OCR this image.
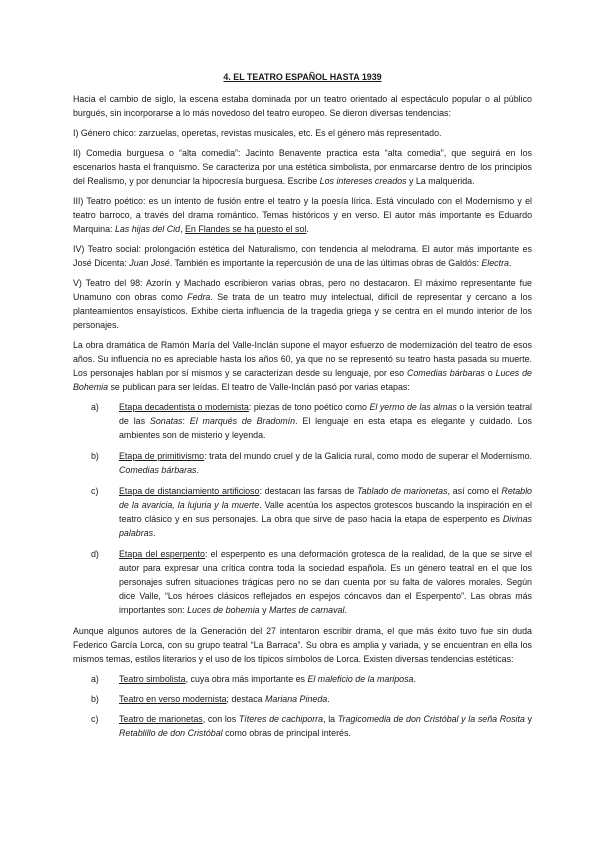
4. EL TEATRO ESPAÑOL HASTA 1939

Hacia el cambio de siglo, la escena estaba dominada por un teatro orientado al espectáculo popular o al público burgués, sin incorporarse a lo más novedoso del teatro europeo. Se dieron diversas tendencias:

I) Género chico: zarzuelas, operetas, revistas musicales, etc. Es el género más representado.

II) Comedia burguesa o “alta comedia”: Jacinto Benavente practica esta “alta comedia”, que seguirá en los escenarios hasta el franquismo. Se caracteriza por una estética simbolista, por enmarcarse dentro de los principios del Realismo, y por denunciar la hipocresía burguesa. Escribe Los intereses creados y La malquerida.

III) Teatro poético: es un intento de fusión entre el teatro y la poesía lírica. Está vinculado con el Modernismo y el teatro barroco, a través del drama romántico. Temas históricos y en verso. El autor más importante es Eduardo Marquina: Las hijas del Cid, En Flandes se ha puesto el sol.

IV) Teatro social: prolongación estética del Naturalismo, con tendencia al melodrama. El autor más importante es José Dicenta: Juan José. También es importante la repercusión de una de las últimas obras de Galdós: Electra.

V) Teatro del 98: Azorín y Machado escribieron varias obras, pero no destacaron. El máximo representante fue Unamuno con obras como Fedra. Se trata de un teatro muy intelectual, difícil de representar y cercano a los planteamientos ensayísticos. Exhibe cierta influencia de la tragedia griega y se centra en el mundo interior de los personajes.

La obra dramática de Ramón María del Valle-Inclán supone el mayor esfuerzo de modernización del teatro de esos años. Su influencia no es apreciable hasta los años 60, ya que no se representó su teatro hasta pasada su muerte. Los personajes hablan por sí mismos y se caracterizan desde su lenguaje, por eso Comedias bárbaras o Luces de Bohemia se publican para ser leídas. El teatro de Valle-Inclán pasó por varias etapas:

a) Etapa decadentista o modernista: piezas de tono poético como El yermo de las almas o la versión teatral de las Sonatas: El marqués de Bradomín. El lenguaje en esta etapa es elegante y cuidado. Los ambientes son de misterio y leyenda.
b) Etapa de primitivismo: trata del mundo cruel y de la Galicia rural, como modo de superar el Modernismo. Comedias bárbaras.
c) Etapa de distanciamiento artificioso: destacan las farsas de Tablado de marionetas, así como el Retablo de la avaricia, la lujuria y la muerte. Valle acentúa los aspectos grotescos buscando la inspiración en el teatro clásico y en sus personajes. La obra que sirve de paso hacia la etapa de esperpento es Divinas palabras.
d) Etapa del esperpento: el esperpento es una deformación grotesca de la realidad, de la que se sirve el autor para expresar una crítica contra toda la sociedad española. Es un género teatral en el que los personajes sufren situaciones trágicas pero no se dan cuenta por su falta de valores morales. Según dice Valle, “Los héroes clásicos reflejados en espejos cóncavos dan el Esperpento”. Las obras más importantes son: Luces de bohemia y Martes de carnaval.

Aunque algunos autores de la Generación del 27 intentaron escribir drama, el que más éxito tuvo fue sin duda Federico García Lorca, con su grupo teatral “La Barraca”. Su obra es amplia y variada, y se encuentran en ella los mismos temas, estilos literarios y el uso de los típicos símbolos de Lorca. Existen diversas tendencias estéticas:

a) Teatro simbolista, cuya obra más importante es El maleficio de la mariposa.
b) Teatro en verso modernista; destaca Mariana Pineda.
c) Teatro de marionetas, con los Títeres de cachiporra, la Tragicomedia de don Cristóbal y la seña Rosita y Retablillo de don Cristóbal como obras de principal interés.
